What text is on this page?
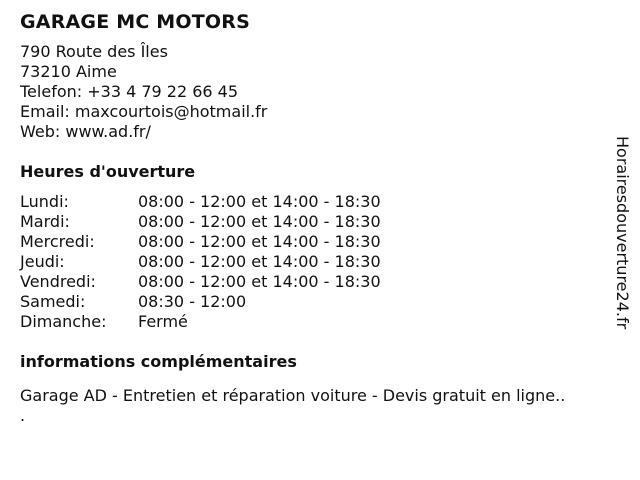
GARAGE MC MOTORS
790 Route des Îles
73210 Aime
Telefon: +33 4 79 22 66 45
Email: maxcourtois@hotmail.fr
Web: www.ad.fr/
Heures d'ouverture
Lundi:	08:00 - 12:00 et 14:00 - 18:30
Mardi:	08:00 - 12:00 et 14:00 - 18:30
Mercredi:	08:00 - 12:00 et 14:00 - 18:30
Jeudi:	08:00 - 12:00 et 14:00 - 18:30
Vendredi:	08:00 - 12:00 et 14:00 - 18:30
Samedi:	08:30 - 12:00
Dimanche:	Fermé
informations complémentaires
Garage AD - Entretien et réparation voiture - Devis gratuit en ligne..
.
Horairesdouverture24.fr
